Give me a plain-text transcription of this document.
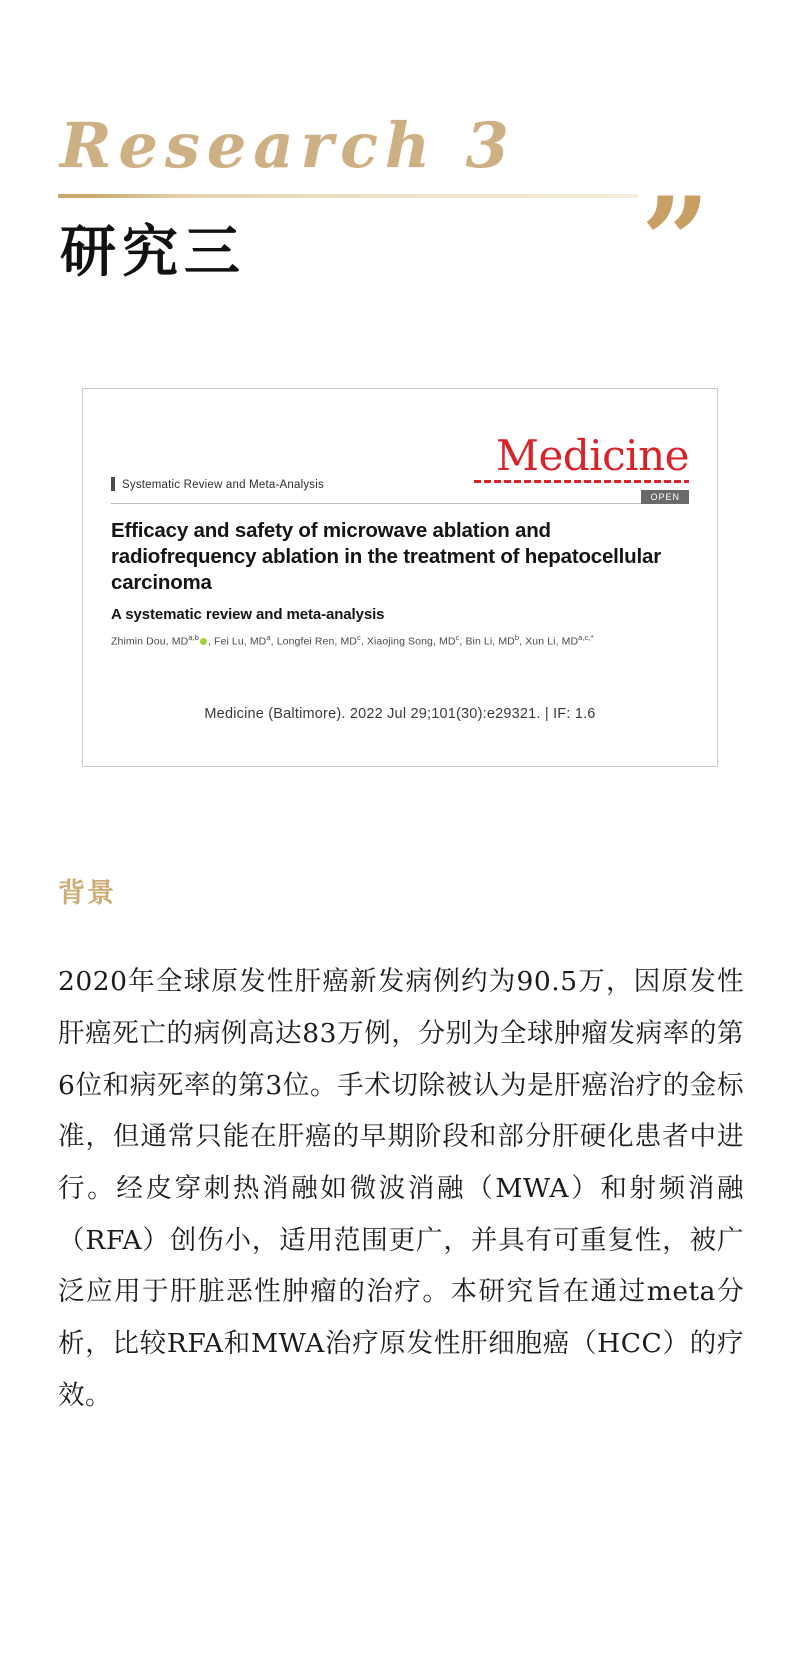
Research 3
研究三	”
Medicine
OPEN
Systematic Review and Meta-Analysis
Efficacy and safety of microwave ablation and radiofrequency ablation in the treatment of hepatocellular carcinoma
A systematic review and meta-analysis
Zhimin Dou, MD$^{a,b}$ , Fei Lu, $MD^a$, Longfei Ren, $MD^c$, Xiaojing Song, $MD^c$, Bin Li, $MD^b$, Xun Li, $MD^{a,c,*}$
Medicine (Baltimore). 2022 Jul 29;101(30):e29321. | IF: 1.6
背景
2020年全球原发性肝癌新发病例约为90.5万，因原发性肝癌死亡的病例高达83万例，分别为全球肿瘤发病率的第6位和病死率的第3位。手术切除被认为是肝癌治疗的金标准，但通常只能在肝癌的早期阶段和部分肝硬化患者中进行。经皮穿刺热消融如微波消融（MWA）和射频消融（RFA）创伤小，适用范围更广，并具有可重复性，被广泛应用于肝脏恶性肿瘤的治疗。本研究旨在通过meta分析，比较RFA和MWA治疗原发性肝细胞癌（HCC）的疗效。
